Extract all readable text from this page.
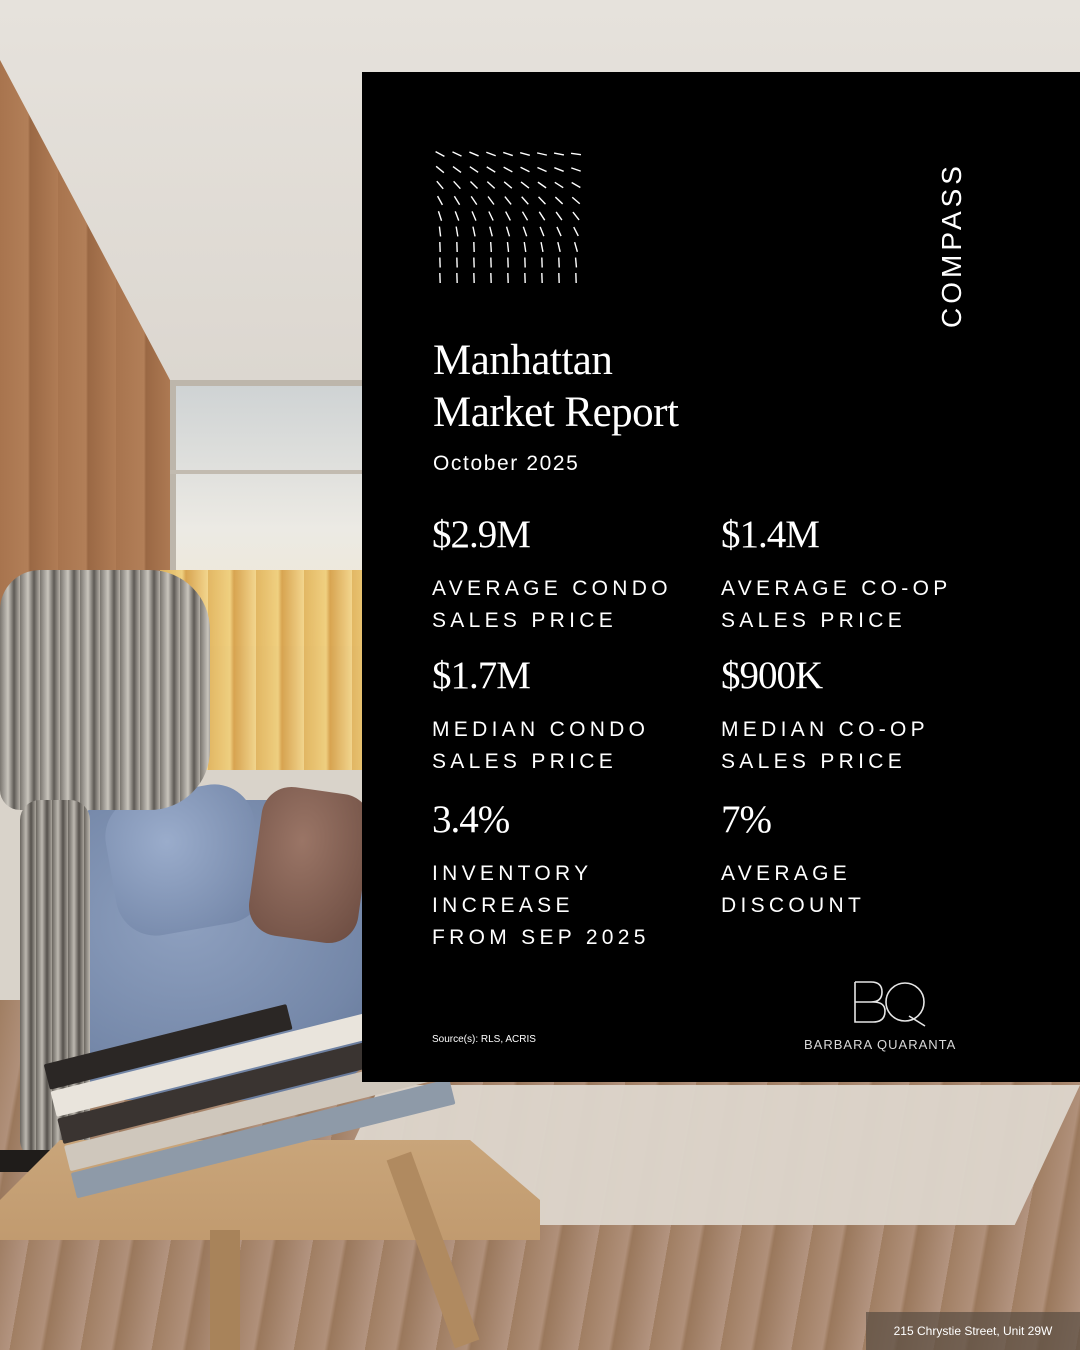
COMPASS
Manhattan
Market Report
October 2025
$2.9M
AVERAGE CONDO
SALES PRICE
$1.4M
AVERAGE CO-OP
SALES PRICE
$1.7M
MEDIAN CONDO
SALES PRICE
$900K
MEDIAN CO-OP
SALES PRICE
3.4%
INVENTORY
INCREASE
FROM SEP 2025
7%
AVERAGE
DISCOUNT
Source(s): RLS, ACRIS	BARBARA QUARANTA
215 Chrystie Street, Unit 29W
